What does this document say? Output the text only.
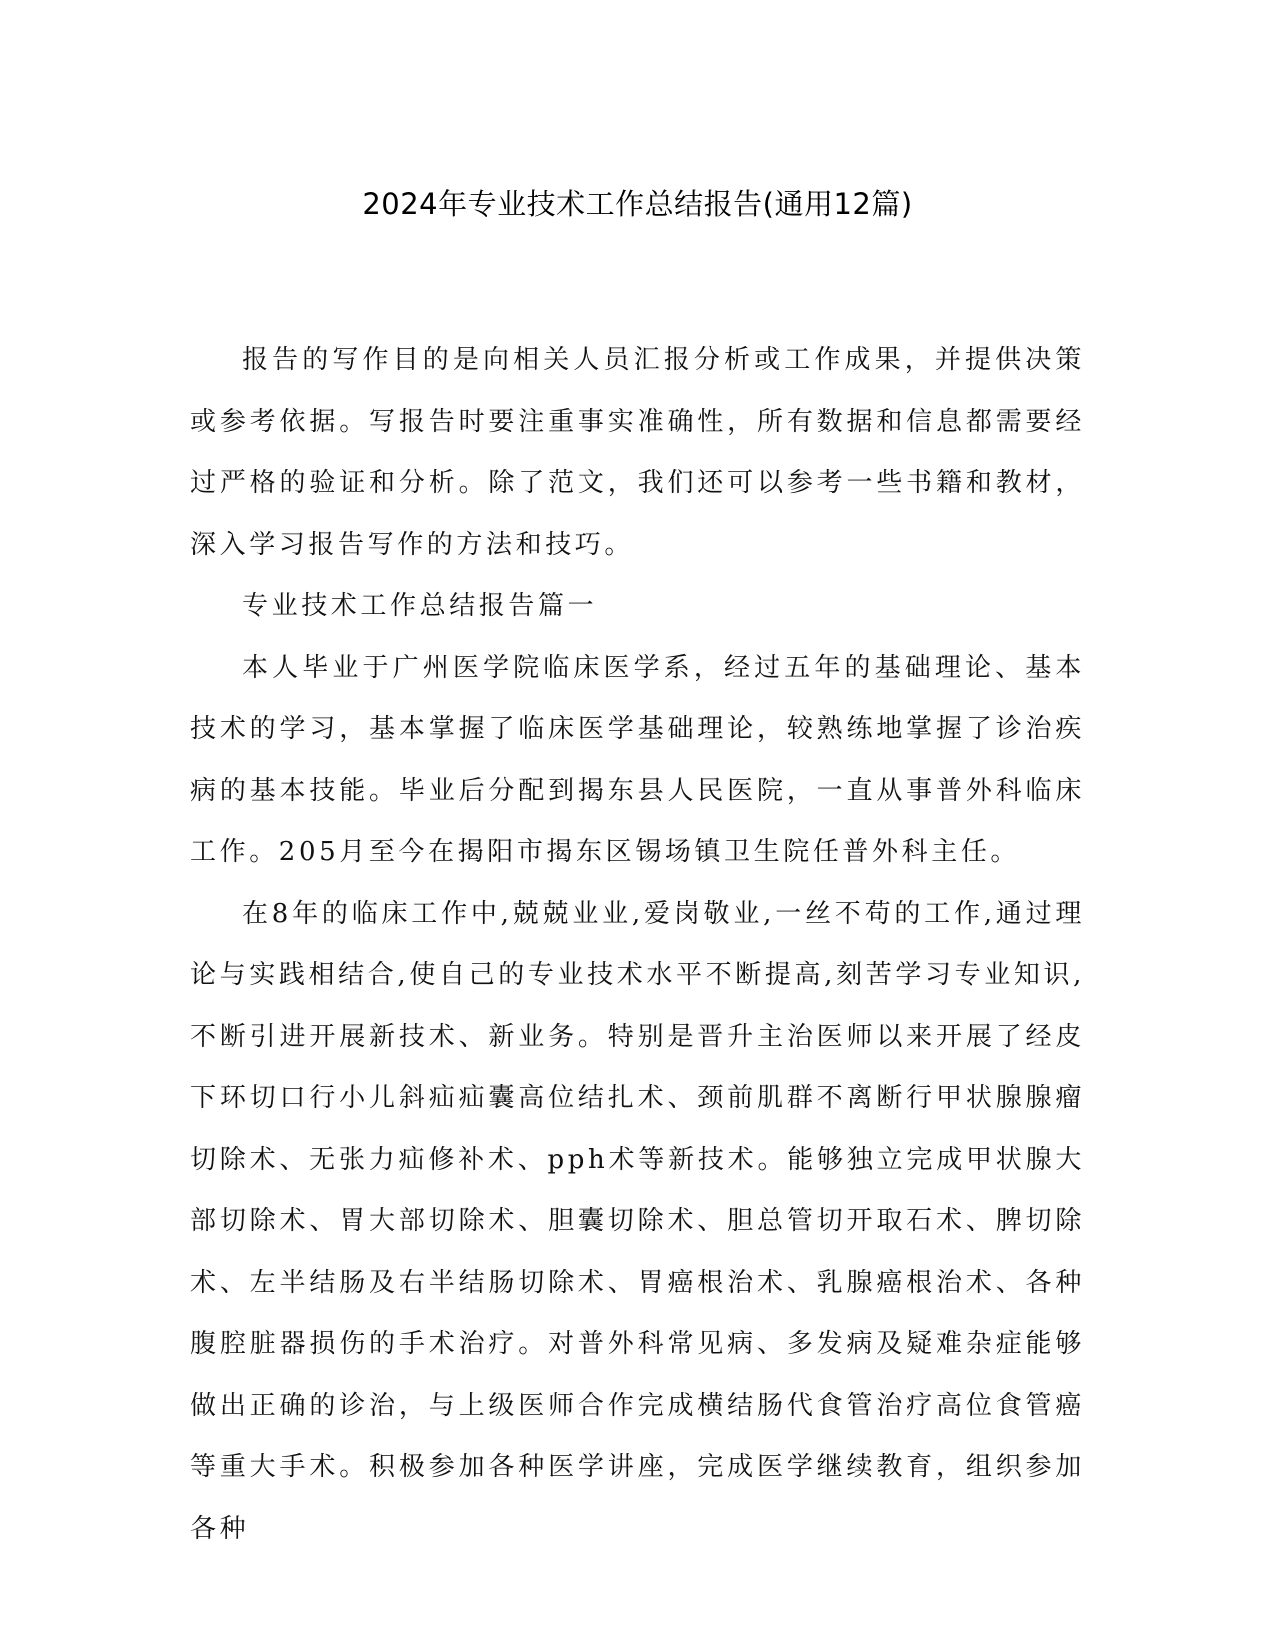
2024年专业技术工作总结报告(通用12篇)

报告的写作目的是向相关人员汇报分析或工作成果，并提供决策或参考依据。写报告时要注重事实准确性，所有数据和信息都需要经过严格的验证和分析。除了范文，我们还可以参考一些书籍和教材，深入学习报告写作的方法和技巧。

专业技术工作总结报告篇一

本人毕业于广州医学院临床医学系，经过五年的基础理论、基本技术的学习，基本掌握了临床医学基础理论，较熟练地掌握了诊治疾病的基本技能。毕业后分配到揭东县人民医院，一直从事普外科临床工作。205月至今在揭阳市揭东区锡场镇卫生院任普外科主任。

在8年的临床工作中,兢兢业业,爱岗敬业,一丝不苟的工作,通过理论与实践相结合,使自己的专业技术水平不断提高,刻苦学习专业知识,不断引进开展新技术、新业务。特别是晋升主治医师以来开展了经皮下环切口行小儿斜疝疝囊高位结扎术、颈前肌群不离断行甲状腺腺瘤切除术、无张力疝修补术、pph术等新技术。能够独立完成甲状腺大部切除术、胃大部切除术、胆囊切除术、胆总管切开取石术、脾切除术、左半结肠及右半结肠切除术、胃癌根治术、乳腺癌根治术、各种腹腔脏器损伤的手术治疗。对普外科常见病、多发病及疑难杂症能够做出正确的诊治，与上级医师合作完成横结肠代食管治疗高位食管癌等重大手术。积极参加各种医学讲座，完成医学继续教育，组织参加各种
